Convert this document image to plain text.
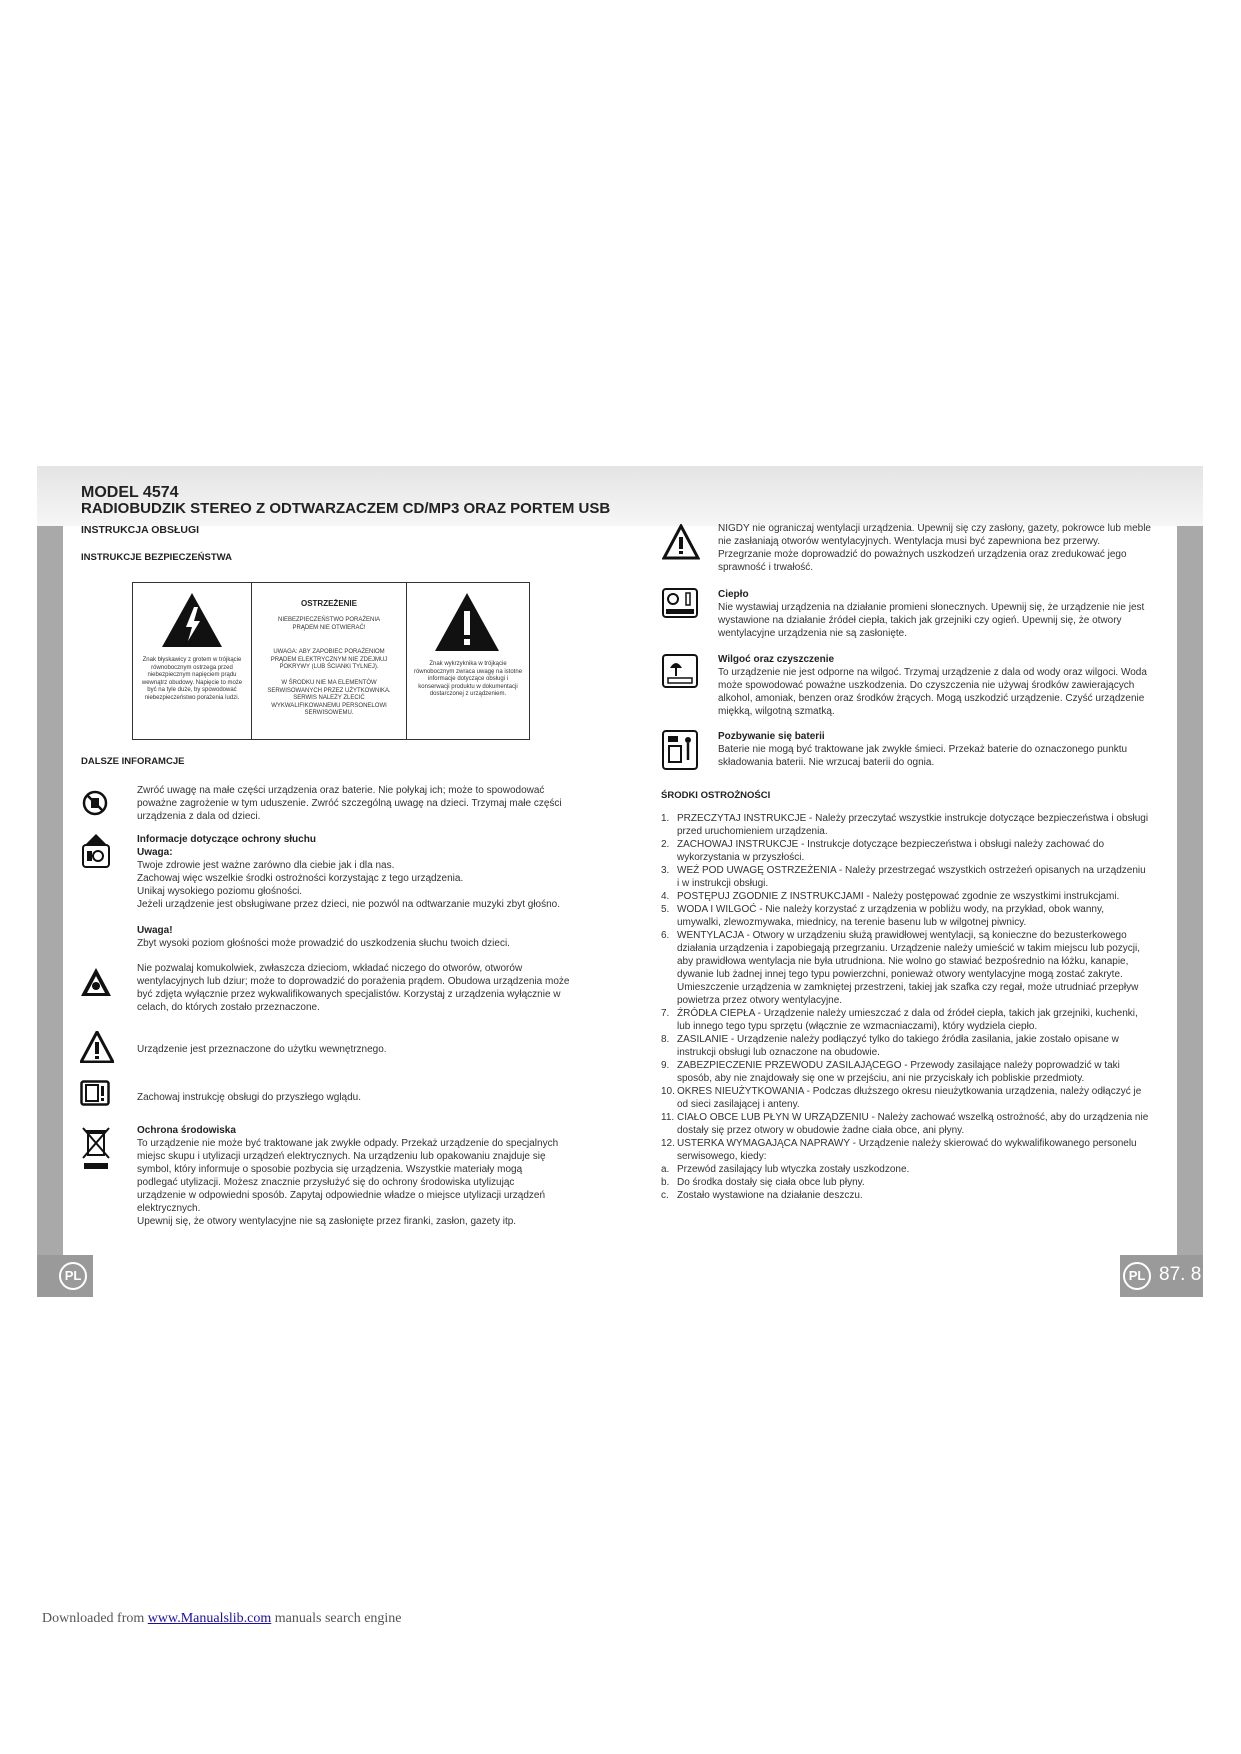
MODEL 4574

RADIOBUDZIK STEREO Z ODTWARZACZEM CD/MP3 ORAZ PORTEM USB

INSTRUKCJA OBSŁUGI

INSTRUKCJE BEZPIECZEŃSTWA

Znak błyskawicy z grotem w trójkącie równobocznym ostrzega przed niebezpiecznym napięciem prądu wewnątrz obudowy. Napięcie to może być na tyle duże, by spowodować niebezpieczeństwo porażenia ludzi.
OSTRZEŻENIE
NIEBEZPIECZEŃSTWO PORAŻENIA PRĄDEM NIE OTWIERAĆ!
UWAGA: ABY ZAPOBIEC PORAŻENIOM PRĄDEM ELEKTRYCZNYM NIE ZDEJMUJ POKRYWY (LUB ŚCIANKI TYLNEJ).
W ŚRODKU NIE MA ELEMENTÓW SERWISOWANYCH PRZEZ UŻYTKOWNIKA. SERWIS NALEŻY ZLECIĆ WYKWALIFIKOWANEMU PERSONELOWI SERWISOWEMU.
Znak wykrzyknika w trójkącie równobocznym zwraca uwagę na istotne informacje dotyczące obsługi i konserwacji produktu w dokumentacji dostarczonej z urządzeniem.

DALSZE INFORAMCJE

Zwróć uwagę na małe części urządzenia oraz baterie. Nie połykaj ich; może to spowodować poważne zagrożenie w tym uduszenie. Zwróć szczególną uwagę na dzieci. Trzymaj małe części urządzenia z dala od dzieci.

Informacje dotyczące ochrony słuchu

Uwaga:

Twoje zdrowie jest ważne zarówno dla ciebie jak i dla nas.

Zachowaj więc wszelkie środki ostrożności korzystając z tego urządzenia.

Unikaj wysokiego poziomu głośności.

Jeżeli urządzenie jest obsługiwane przez dzieci, nie pozwól na odtwarzanie muzyki zbyt głośno.

Uwaga!

Zbyt wysoki poziom głośności może prowadzić do uszkodzenia słuchu twoich dzieci.

Nie pozwalaj komukolwiek, zwłaszcza dzieciom, wkładać niczego do otworów, otworów wentylacyjnych lub dziur; może to doprowadzić do porażenia prądem. Obudowa urządzenia może być zdjęta wyłącznie przez wykwalifikowanych specjalistów. Korzystaj z urządzenia wyłącznie w celach, do których zostało przeznaczone.

Urządzenie jest przeznaczone do użytku wewnętrznego.

Zachowaj instrukcję obsługi do przyszłego wglądu.

Ochrona środowiska

To urządzenie nie może być traktowane jak zwykłe odpady. Przekaż urządzenie do specjalnych miejsc skupu i utylizacji urządzeń elektrycznych. Na urządzeniu lub opakowaniu znajduje się symbol, który informuje o sposobie pozbycia się urządzenia. Wszystkie materiały mogą podlegać utylizacji. Możesz znacznie przysłużyć się do ochrony środowiska utylizując urządzenie w odpowiedni sposób. Zapytaj odpowiednie władze o miejsce utylizacji urządzeń elektrycznych.

Upewnij się, że otwory wentylacyjne nie są zasłonięte przez firanki, zasłon, gazety itp.

NIGDY nie ograniczaj wentylacji urządzenia. Upewnij się czy zasłony, gazety, pokrowce lub meble nie zasłaniają otworów wentylacyjnych. Wentylacja musi być zapewniona bez przerwy. Przegrzanie może doprowadzić do poważnych uszkodzeń urządzenia oraz zredukować jego sprawność i trwałość.

Ciepło

Nie wystawiaj urządzenia na działanie promieni słonecznych. Upewnij się, że urządzenie nie jest wystawione na działanie źródeł ciepła, takich jak grzejniki czy ogień. Upewnij się, że otwory wentylacyjne urządzenia nie są zasłonięte.

Wilgoć oraz czyszczenie

To urządzenie nie jest odporne na wilgoć. Trzymaj urządzenie z dala od wody oraz wilgoci. Woda może spowodować poważne uszkodzenia. Do czyszczenia nie używaj środków zawierających alkohol, amoniak, benzen oraz środków żrących. Mogą uszkodzić urządzenie. Czyść urządzenie miękką, wilgotną szmatką.

Pozbywanie się baterii

Baterie nie mogą być traktowane jak zwykłe śmieci. Przekaż baterie do oznaczonego punktu składowania baterii. Nie wrzucaj baterii do ognia.

ŚRODKI OSTROŻNOŚCI

1. PRZECZYTAJ INSTRUKCJE - Należy przeczytać wszystkie instrukcje dotyczące bezpieczeństwa i obsługi przed uruchomieniem urządzenia.
2. ZACHOWAJ INSTRUKCJE - Instrukcje dotyczące bezpieczeństwa i obsługi należy zachować do wykorzystania w przyszłości.
3. WEŹ POD UWAGĘ OSTRZEŻENIA - Należy przestrzegać wszystkich ostrzeżeń opisanych na urządzeniu i w instrukcji obsługi.
4. POSTĘPUJ ZGODNIE Z INSTRUKCJAMI - Należy postępować zgodnie ze wszystkimi instrukcjami.
5. WODA I WILGOĆ - Nie należy korzystać z urządzenia w pobliżu wody, na przykład, obok wanny, umywalki, zlewozmywaka, miednicy, na terenie basenu lub w wilgotnej piwnicy.
6. WENTYLACJA - Otwory w urządzeniu służą prawidłowej wentylacji, są konieczne do bezusterkowego działania urządzenia i zapobiegają przegrzaniu. Urządzenie należy umieścić w takim miejscu lub pozycji, aby prawidłowa wentylacja nie była utrudniona. Nie wolno go stawiać bezpośrednio na łóżku, kanapie, dywanie lub żadnej innej tego typu powierzchni, ponieważ otwory wentylacyjne mogą zostać zakryte. Umieszczenie urządzenia w zamkniętej przestrzeni, takiej jak szafka czy regał, może utrudniać przepływ powietrza przez otwory wentylacyjne.
7. ŹRÓDŁA CIEPŁA - Urządzenie należy umieszczać z dala od źródeł ciepła, takich jak grzejniki, kuchenki, lub innego tego typu sprzętu (włącznie ze wzmacniaczami), który wydziela ciepło.
8. ZASILANIE - Urządzenie należy podłączyć tylko do takiego źródła zasilania, jakie zostało opisane w instrukcji obsługi lub oznaczone na obudowie.
9. ZABEZPIECZENIE PRZEWODU ZASILAJĄCEGO - Przewody zasilające należy poprowadzić w taki sposób, aby nie znajdowały się one w przejściu, ani nie przyciskały ich pobliskie przedmioty.
10. OKRES NIEUŻYTKOWANIA - Podczas dłuższego okresu nieużytkowania urządzenia, należy odłączyć je od sieci zasilającej i anteny.
11. CIAŁO OBCE LUB PŁYN W URZĄDZENIU - Należy zachować wszelką ostrożność, aby do urządzenia nie dostały się przez otwory w obudowie żadne ciała obce, ani płyny.
12. USTERKA WYMAGAJĄCA NAPRAWY - Urządzenie należy skierować do wykwalifikowanego personelu serwisowego, kiedy:
a. Przewód zasilający lub wtyczka zostały uszkodzone.
b. Do środka dostały się ciała obce lub płyny.
c. Zostało wystawione na działanie deszczu.
PL	PL 87. 8
Downloaded from www.Manualslib.com manuals search engine
